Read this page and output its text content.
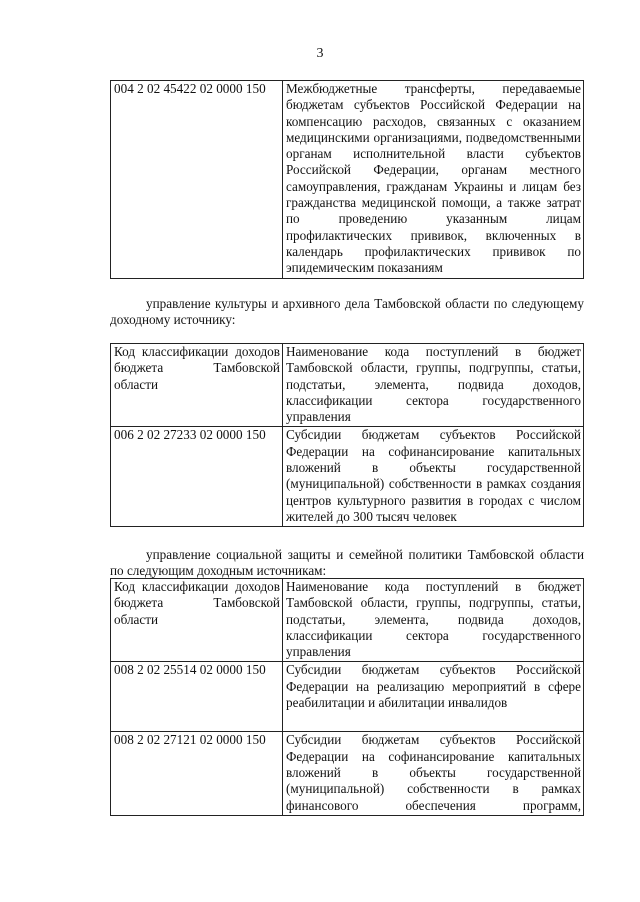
3
004 2 02 45422 02 0000 150	Межбюджетные трансферты, передаваемые бюджетам субъектов Российской Федерации на компенсацию расходов, связанных с оказанием медицинскими организациями, подведомственными органам исполнительной власти субъектов Российской Федерации, органам местного самоуправления, гражданам Украины и лицам без гражданства медицинской помощи, а также затрат по проведению указанным лицам профилактических прививок, включенных в календарь профилактических прививок по эпидемическим показаниям
управление культуры и архивного дела Тамбовской области по следующему доходному источнику:
Код классификации доходов бюджета Тамбовской области	Наименование кода поступлений в бюджет Тамбовской области, группы, подгруппы, статьи, подстатьи, элемента, подвида доходов, классификации сектора государственного управления
006 2 02 27233 02 0000 150	Субсидии бюджетам субъектов Российской Федерации на софинансирование капитальных вложений в объекты государственной (муниципальной) собственности в рамках создания центров культурного развития в городах с числом жителей до 300 тысяч человек
управление социальной защиты и семейной политики Тамбовской области по следующим доходным источникам:
Код классификации доходов бюджета Тамбовской области	Наименование кода поступлений в бюджет Тамбовской области, группы, подгруппы, статьи, подстатьи, элемента, подвида доходов, классификации сектора государственного управления
008 2 02 25514 02 0000 150	Субсидии бюджетам субъектов Российской Федерации на реализацию мероприятий в сфере реабилитации и абилитации инвалидов
008 2 02 27121 02 0000 150	Субсидии бюджетам субъектов Российской Федерации на софинансирование капитальных вложений в объекты государственной (муниципальной) собственности в рамках финансового обеспечения программ,
